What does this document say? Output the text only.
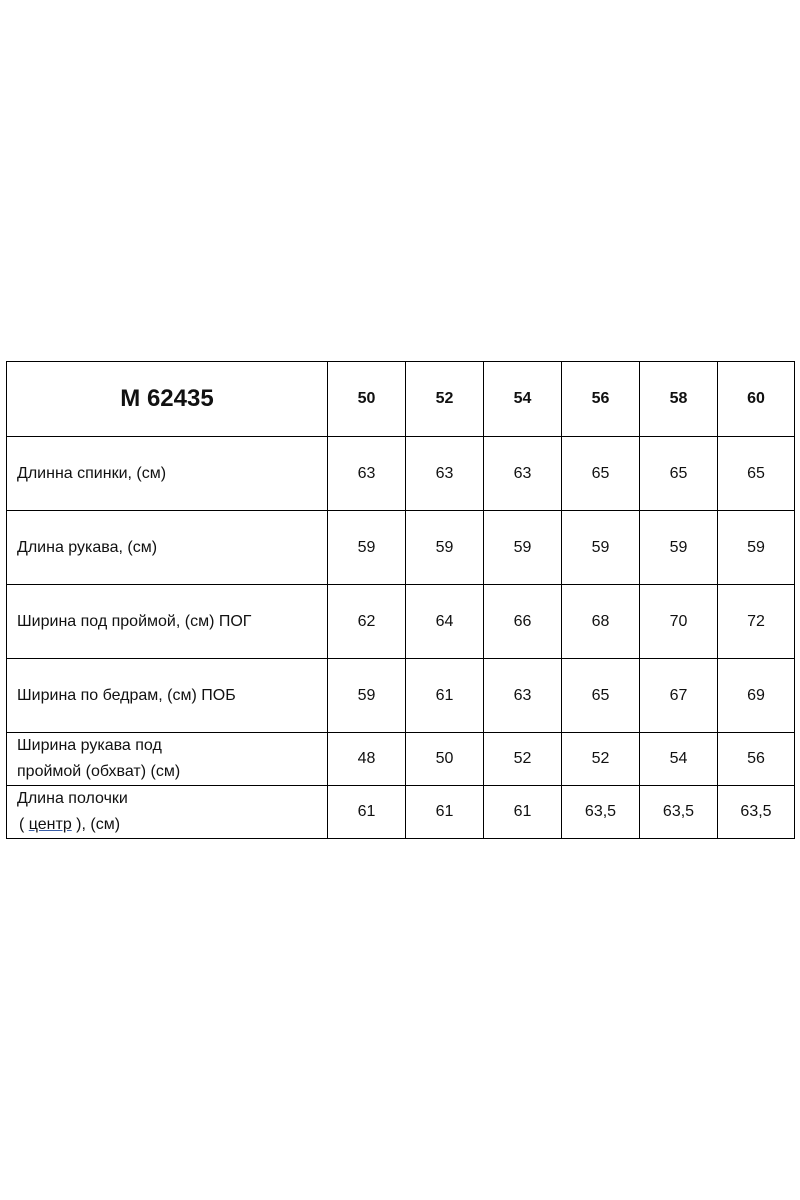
M 62435	50	52	54	56	58	60
Длинна спинки, (см)	63	63	63	65	65	65
Длина рукава, (см)	59	59	59	59	59	59
Ширина под проймой, (см) ПОГ	62	64	66	68	70	72
Ширина по бедрам, (см) ПОБ	59	61	63	65	67	69

Ширина рукава под
проймой (обхват) (см)	48	50	52	52	54	56

Длина полочки
( центр ), (см)	61	61	61	63,5	63,5	63,5
